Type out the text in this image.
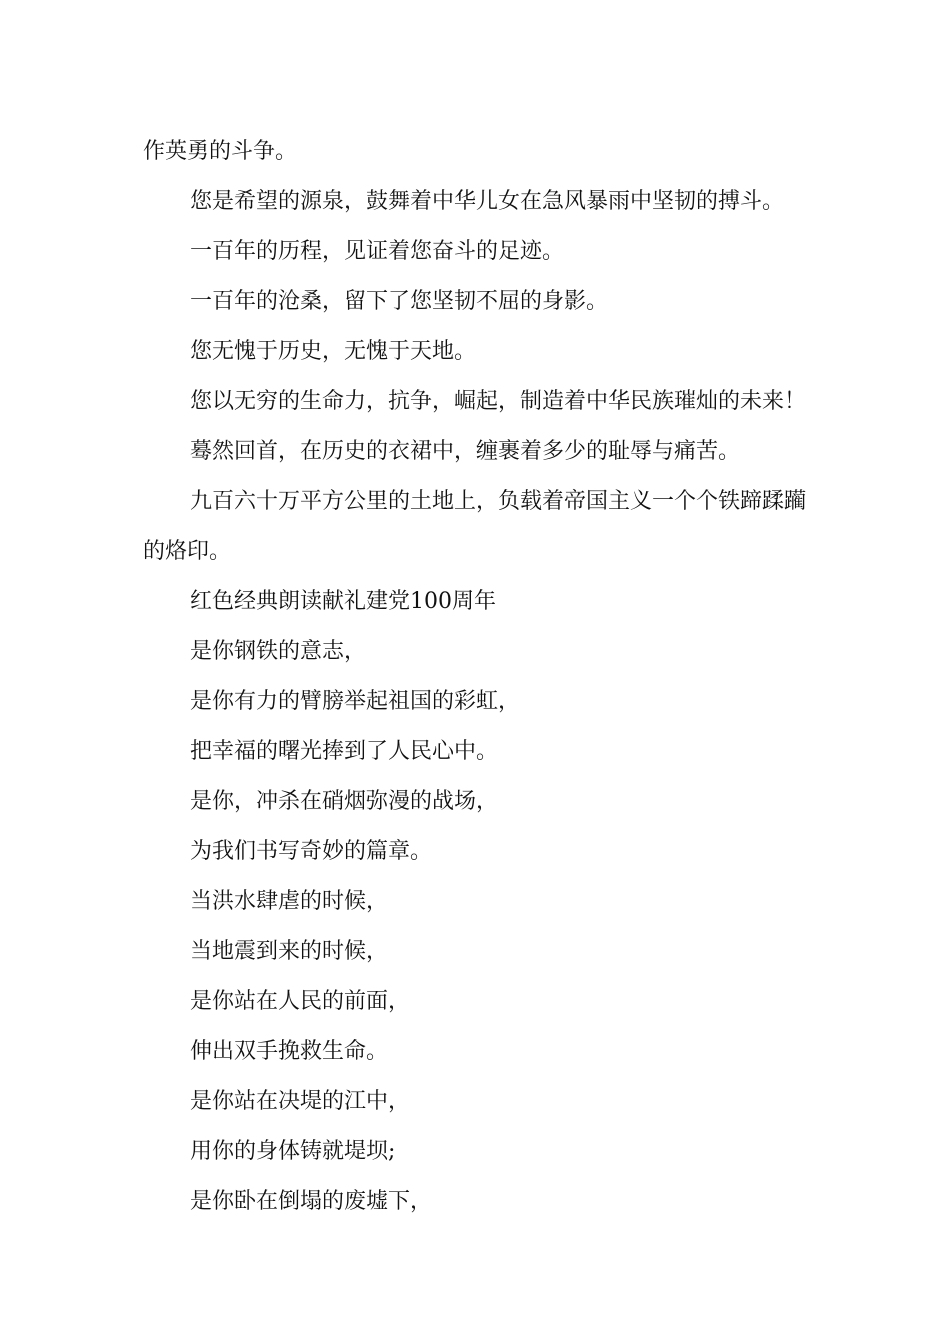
作英勇的斗争。

您是希望的源泉，鼓舞着中华儿女在急风暴雨中坚韧的搏斗。

一百年的历程，见证着您奋斗的足迹。

一百年的沧桑，留下了您坚韧不屈的身影。

您无愧于历史，无愧于天地。

您以无穷的生命力，抗争，崛起，制造着中华民族璀灿的未来！

蓦然回首，在历史的衣裙中，缠裹着多少的耻辱与痛苦。

九百六十万平方公里的土地上，负载着帝国主义一个个铁蹄蹂躏的烙印。

红色经典朗读献礼建党100周年

是你钢铁的意志，

是你有力的臂膀举起祖国的彩虹，

把幸福的曙光捧到了人民心中。

是你，冲杀在硝烟弥漫的战场，

为我们书写奇妙的篇章。

当洪水肆虐的时候，

当地震到来的时候，

是你站在人民的前面，

伸出双手挽救生命。

是你站在决堤的江中，

用你的身体铸就堤坝;

是你卧在倒塌的废墟下，
